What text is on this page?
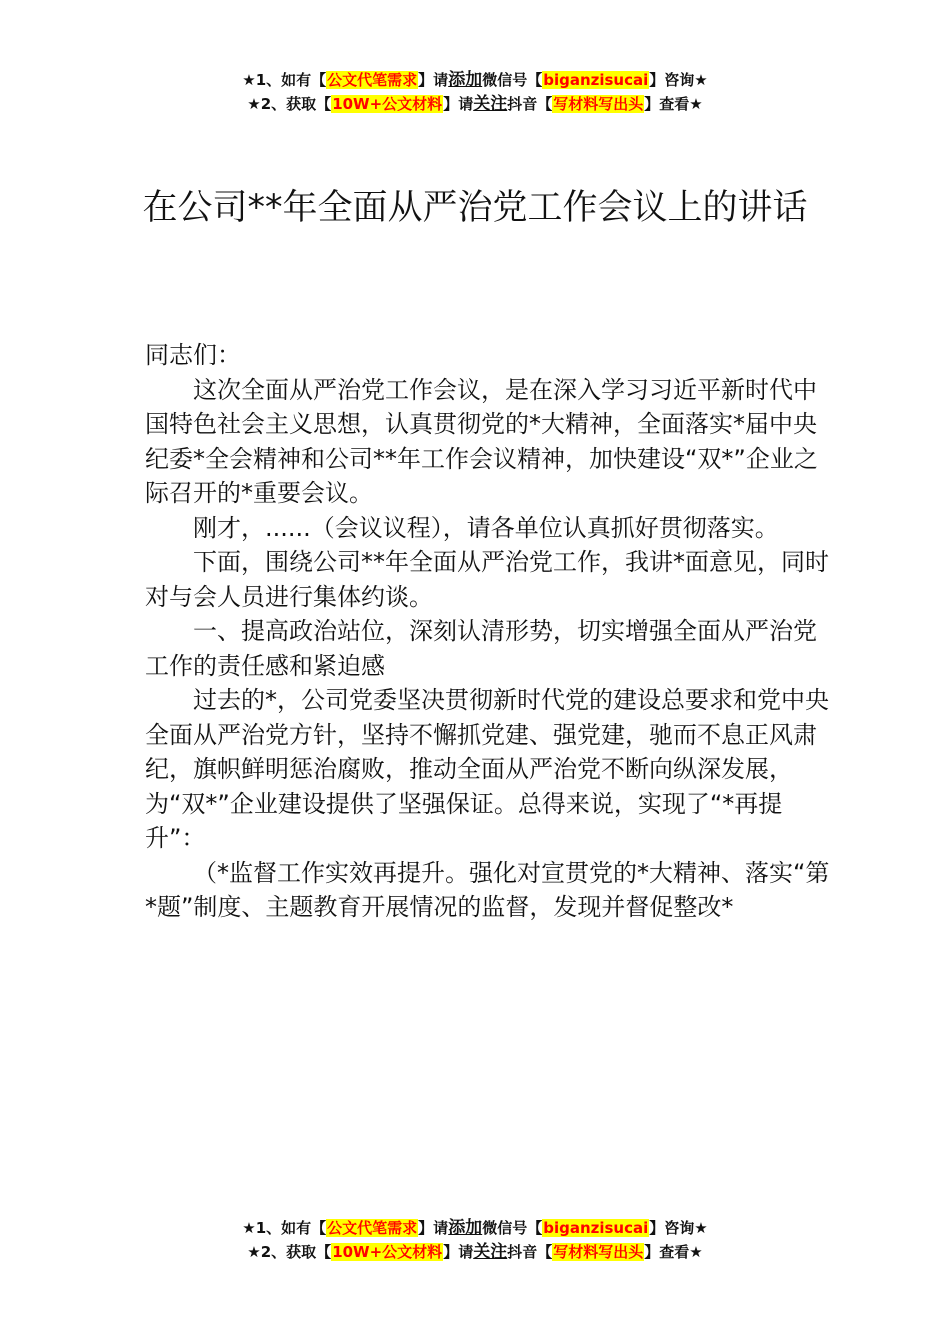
★1、如有【公文代笔需求】请添加微信号【biganzisucai】咨询★
★2、获取【10W+公文材料】请关注抖音【写材料写出头】查看★
在公司**年全面从严治党工作会议上的讲话

同志们：

这次全面从严治党工作会议，是在深入学习习近平新时代中国特色社会主义思想，认真贯彻党的*大精神，全面落实*届中央纪委*全会精神和公司**年工作会议精神，加快建设“双*”企业之际召开的*重要会议。

刚才，......（会议议程），请各单位认真抓好贯彻落实。

下面，围绕公司**年全面从严治党工作，我讲*面意见，同时对与会人员进行集体约谈。

一、提高政治站位，深刻认清形势，切实增强全面从严治党工作的责任感和紧迫感

过去的*，公司党委坚决贯彻新时代党的建设总要求和党中央全面从严治党方针，坚持不懈抓党建、强党建，驰而不息正风肃纪，旗帜鲜明惩治腐败，推动全面从严治党不断向纵深发展，为“双*”企业建设提供了坚强保证。总得来说，实现了“*再提升”：

（*监督工作实效再提升。强化对宣贯党的*大精神、落实“第*题”制度、主题教育开展情况的监督，发现并督促整改*

★1、如有【公文代笔需求】请添加微信号【biganzisucai】咨询★
★2、获取【10W+公文材料】请关注抖音【写材料写出头】查看★
